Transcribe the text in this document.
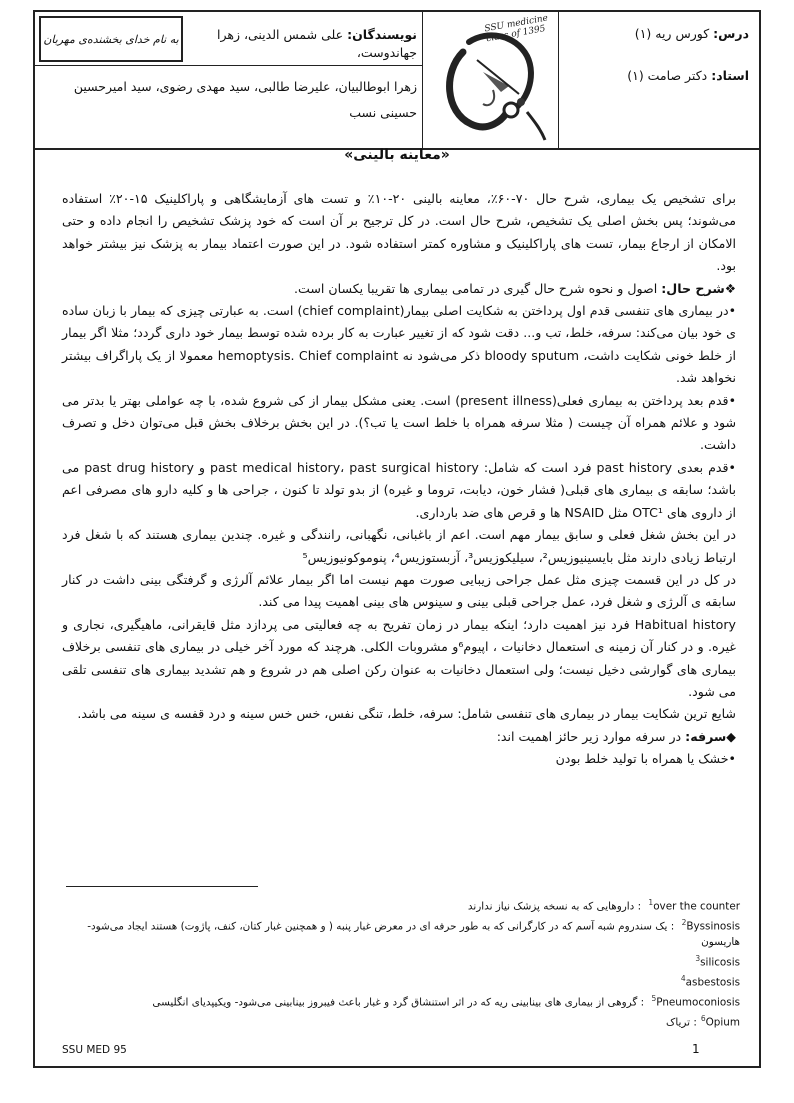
به نام خدای بخشنده‌ی مهربان	نویسندگان: علی شمس الدینی، زهرا جهاندوست،
زهرا ابوطالبیان، علیرضا طالبی، سید مهدی رضوی، سید امیرحسین حسینی نسب
SSU medicine class of 1395	درس: کورس ریه (۱)
استاد: دکتر صامت (۱)
«معاینه بالینی»

برای تشخیص یک بیماری، شرح حال ۷۰-۶۰٪، معاینه بالینی ۲۰-۱۰٪ و تست های آزمایشگاهی و پاراکلینیک ۱۵-۲۰٪ استفاده می‌شوند؛ پس بخش اصلی یک تشخیص، شرح حال است. در کل ترجیح بر آن است که خود پزشک تشخیص را انجام داده و حتی الامکان از ارجاع بیمار، تست های پاراکلینیک و مشاوره کمتر استفاده شود. در این صورت اعتماد بیمار به پزشک نیز بیشتر خواهد بود.

❖شرح حال: اصول و نحوه شرح حال گیری در تمامی بیماری ها تقریبا یکسان است.

•در بیماری های تنفسی قدم اول پرداختن به شکایت اصلی بیمار(chief complaint) است. به عبارتی چیزی که بیمار با زبان ساده ی خود بیان می‌کند: سرفه، خلط، تب و... دقت شود که از تغییر عبارت به کار برده شده توسط بیمار خود داری گردد؛ مثلا اگر بیمار از خلط خونی شکایت داشت، bloody sputum ذکر می‌شود نه hemoptysis. Chief complaint معمولا از یک پاراگراف بیشتر نخواهد شد.

•قدم بعد پرداختن به بیماری فعلی(present illness) است. یعنی مشکل بیمار از کی شروع شده، با چه عواملی بهتر یا بدتر می شود و علائم همراه آن چیست ( مثلا سرفه همراه با خلط است یا تب؟). در این بخش برخلاف بخش قبل می‌توان دخل و تصرف داشت.

•قدم بعدی past history فرد است که شامل: past medical history، past surgical history و past drug history می باشد؛ سابقه ی بیماری های قبلی( فشار خون، دیابت، تروما و غیره) از بدو تولد تا کنون ، جراحی ها و کلیه دارو های مصرفی اعم از داروی های OTC¹ مثل NSAID ها و قرص های ضد بارداری.

در این بخش شغل فعلی و سابق بیمار مهم است. اعم از باغبانی، نگهبانی، رانندگی و غیره. چندین بیماری هستند که با شغل فرد ارتباط زیادی دارند مثل بایسینیوزیس²، سیلیکوزیس³، آزبستوزیس⁴، پنوموکونیوزیس⁵

در کل در این قسمت چیزی مثل عمل جراحی زیبایی صورت مهم نیست اما اگر بیمار علائم آلرژی و گرفتگی بینی داشت در کنار سابقه ی آلرژی و شغل فرد، عمل جراحی قبلی بینی و سینوس های بینی اهمیت پیدا می کند.

Habitual history فرد نیز اهمیت دارد؛ اینکه بیمار در زمان تفریح به چه فعالیتی می پردازد مثل قایقرانی، ماهیگیری، نجاری و غیره. و در کنار آن زمینه ی استعمال دخانیات ، اپیوم⁶و مشروبات الکلی. هرچند که مورد آخر خیلی در بیماری های تنفسی برخلاف بیماری های گوارشی دخیل نیست؛ ولی استعمال دخانیات به عنوان رکن اصلی هم در شروع و هم تشدید بیماری های تنفسی تلقی می شود.

شایع ترین شکایت بیمار در بیماری های تنفسی شامل: سرفه، خلط، تنگی نفس، خس خس سینه و درد قفسه ی سینه می باشد.

◆سرفه: در سرفه موارد زیر حائز اهمیت اند:

•خشک یا همراه با تولید خلط بودن

$^1$over the counter : داروهایی که به نسخه پزشک نیاز ندارند
$^2$Byssinosis : یک سندروم شبه آسم که در کارگرانی که به طور حرفه ای در معرض غبار پنبه ( و همچنین غبار کتان، کنف، پاژوت) هستند ایجاد می‌شود-هاریسون
$^3$silicosis
$^4$asbestosis
$^5$Pneumoconiosis : گروهی از بیماری های بینابینی ریه که در اثر استنشاق گرد و غبار باعث فیبروز بینابینی می‌شود- ویکیپدیای انگلیسی
$^6$Opium: تریاک
SSU MED 95	1
